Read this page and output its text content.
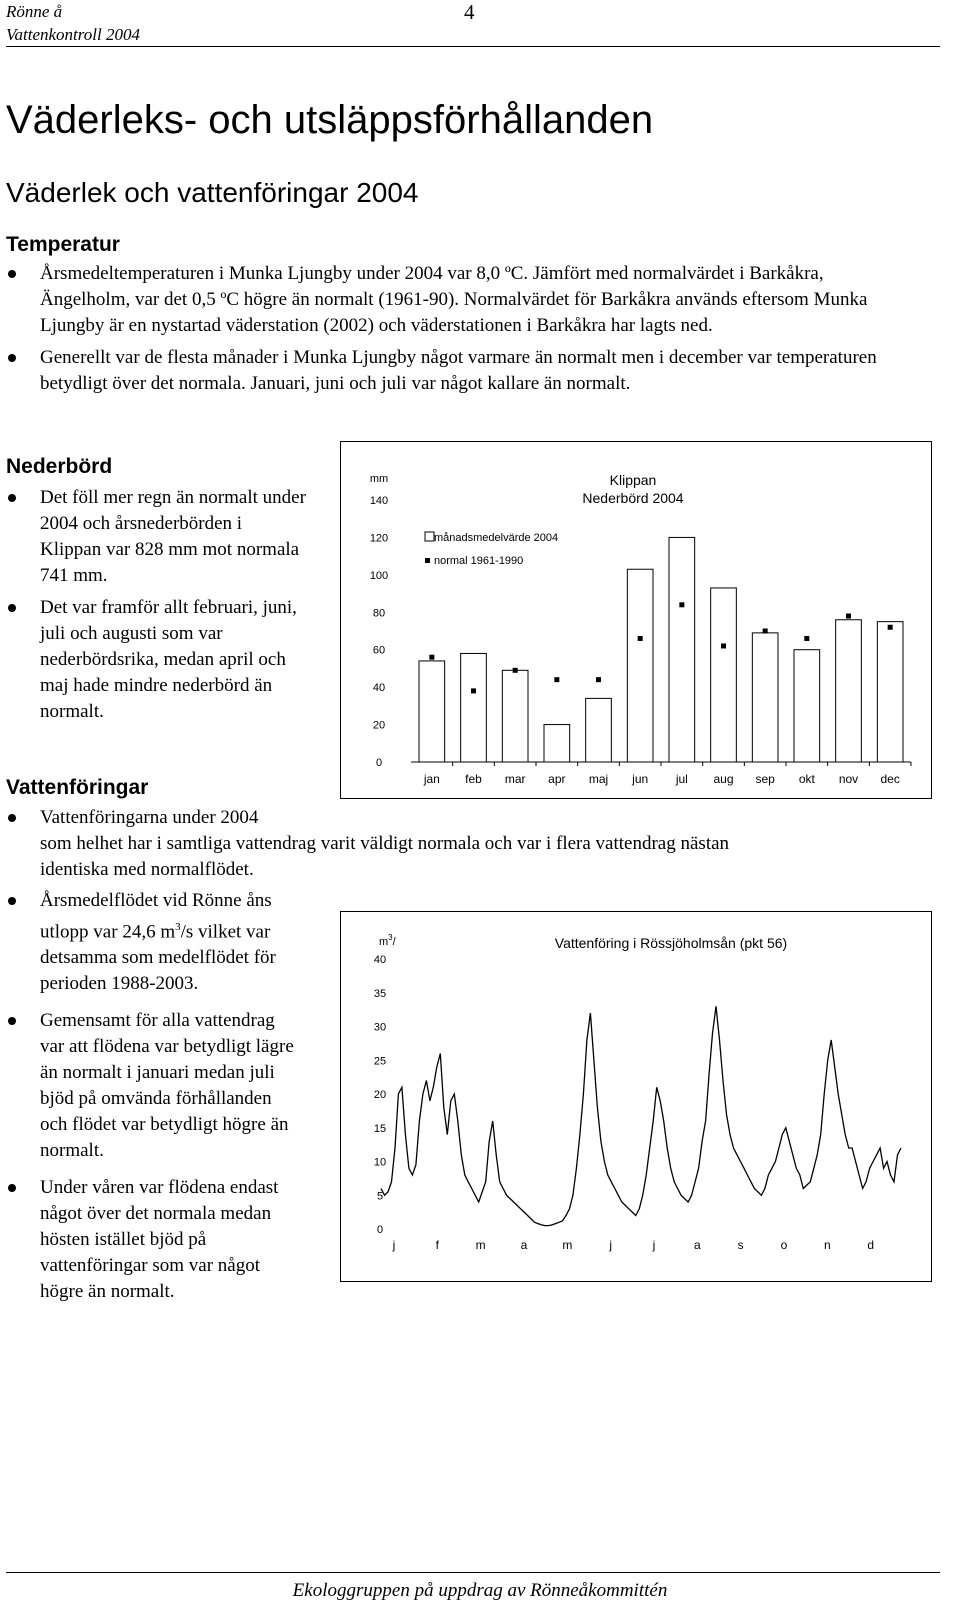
Rönne å
Vattenkontroll 2004
4
Väderleks- och utsläppsförhållanden
Väderlek och vattenföringar 2004
Temperatur

Årsmedeltemperaturen i Munka Ljungby under 2004 var 8,0 ºC. Jämfört med normalvärdet i Barkåkra, Ängelholm, var det 0,5 ºC högre än normalt (1961-90). Normalvärdet för Barkåkra används eftersom Munka Ljungby är en nystartad väderstation (2002) och väderstationen i Barkåkra har lagts ned.

Generellt var de flesta månader i Munka Ljungby något varmare än normalt men i december var temperaturen betydligt över det normala. Januari, juni och juli var något kallare än normalt.

Nederbörd

Det föll mer regn än normalt under 2004 och årsnederbörden i Klippan var 828 mm mot normala 741 mm.

Det var framför allt februari, juni, juli och augusti som var nederbördsrika, medan april och maj hade mindre nederbörd än normalt.

0
20
40
60
80
100
120
140
mm
jan feb mar apr maj jun jul aug sep okt nov dec
Klippan
Nederbörd 2004
månadsmedelvärde 2004
normal 1961-1990
Vattenföringar
Vattenföringarna under 2004
som helhet har i samtliga vattendrag varit väldigt normala och var i flera vattendrag nästan
identiska med normalflödet.

Årsmedelflödet vid Rönne åns utlopp var 24,6 $m^3/s$ vilket var detsamma som medelflödet för perioden 1988-2003.

Gemensamt för alla vattendrag var att flödena var betydligt lägre än normalt i januari medan juli bjöd på omvända förhållanden och flödet var betydligt högre än normalt.

Under våren var flödena endast något över det normala medan hösten istället bjöd på vattenföringar som var något högre än normalt.

0
5
10
15
20
25
30
35
40
$m^3/$
j	f	m	a	m	j	j	a	s	o	n	d
Vattenföring i Rössjöholmsån (pkt 56)
Ekologgruppen på uppdrag av Rönneåkommittén
